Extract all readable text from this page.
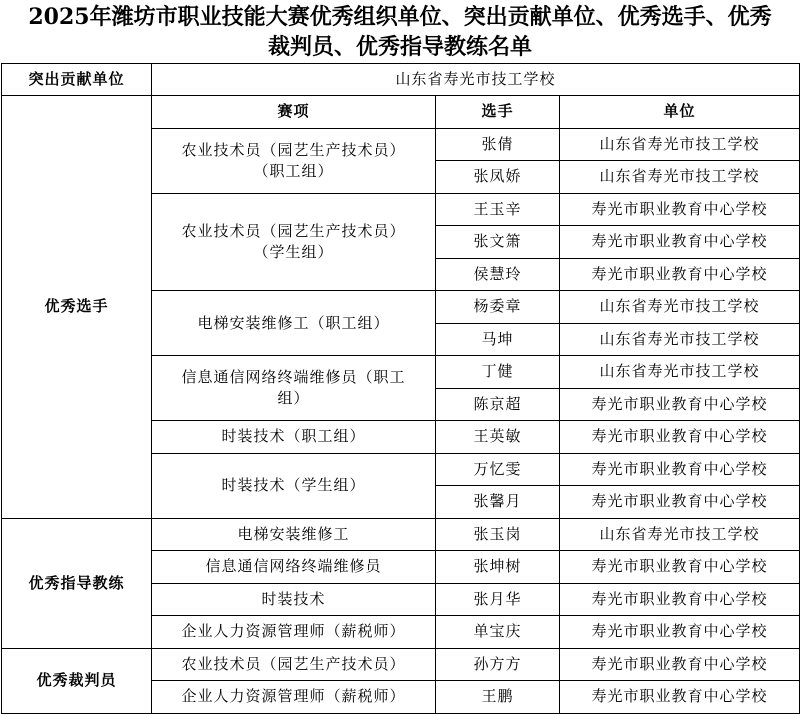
2025年潍坊市职业技能大赛优秀组织单位、突出贡献单位、优秀选手、优秀
裁判员、优秀指导教练名单
突出贡献单位	山东省寿光市技工学校		
优秀选手	赛项	选手	单位
	农业技术员（园艺生产技术员）（职工组）	张倩	山东省寿光市技工学校
		张凤娇	山东省寿光市技工学校
	农业技术员（园艺生产技术员）（学生组）	王玉辛	寿光市职业教育中心学校
		张文箫	寿光市职业教育中心学校
		侯慧玲	寿光市职业教育中心学校
	电梯安装维修工（职工组）	杨委章	山东省寿光市技工学校
		马坤	山东省寿光市技工学校
	信息通信网络终端维修员（职工组）	丁健	山东省寿光市技工学校
		陈京超	寿光市职业教育中心学校
	时装技术（职工组）	王英敏	寿光市职业教育中心学校
	时装技术（学生组）	万忆雯	寿光市职业教育中心学校
		张馨月	寿光市职业教育中心学校
优秀指导教练	电梯安装维修工	张玉岗	山东省寿光市技工学校
	信息通信网络终端维修员	张坤树	寿光市职业教育中心学校
	时装技术	张月华	寿光市职业教育中心学校
	企业人力资源管理师（薪税师）	单宝庆	寿光市职业教育中心学校
优秀裁判员	农业技术员（园艺生产技术员）	孙方方	寿光市职业教育中心学校
	企业人力资源管理师（薪税师）	王鹏	寿光市职业教育中心学校
